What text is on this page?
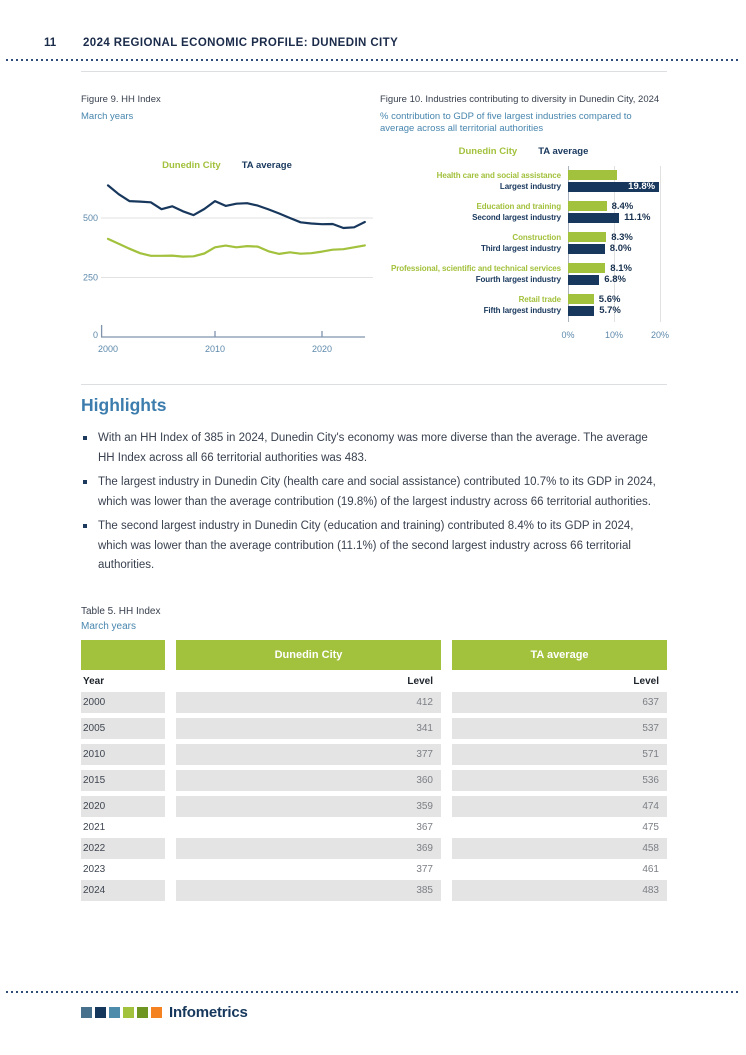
11 2024 REGIONAL ECONOMIC PROFILE: DUNEDIN CITY
Figure 9. HH Index
March years
Dunedin City TA average
0
250
500
2000	2010	2020
Figure 10. Industries contributing to diversity in Dunedin City, 2024
% contribution to GDP of five largest industries compared to average across all territorial authorities
Dunedin City TA average
Health care and social assistance
Largest industry	19.8%
Education and training
Second largest industry
8.4%
11.1%
Construction
Third largest industry
8.3%
8.0%
Professional, scientific and technical services
Fourth largest industry
8.1%
6.8%
Retail trade
Fifth largest industry
5.6%
5.7%
0%	10%	20%
Highlights
With an HH Index of 385 in 2024, Dunedin City's economy was more diverse than the average. The average HH Index across all 66 territorial authorities was 483.
The largest industry in Dunedin City (health care and social assistance) contributed 10.7% to its GDP in 2024, which was lower than the average contribution (19.8%) of the largest industry across 66 territorial authorities.
The second largest industry in Dunedin City (education and training) contributed 8.4% to its GDP in 2024, which was lower than the average contribution (11.1%) of the second largest industry across 66 territorial authorities.
Table 5. HH Index
March years
Dunedin City	TA average
Year	Level	Level
2000	412	637
2005	341	537
2010	377	571
2015	360	536
2020	359	474
2021	367	475
2022	369	458
2023	377	461
2024	385	483
Infometrics
